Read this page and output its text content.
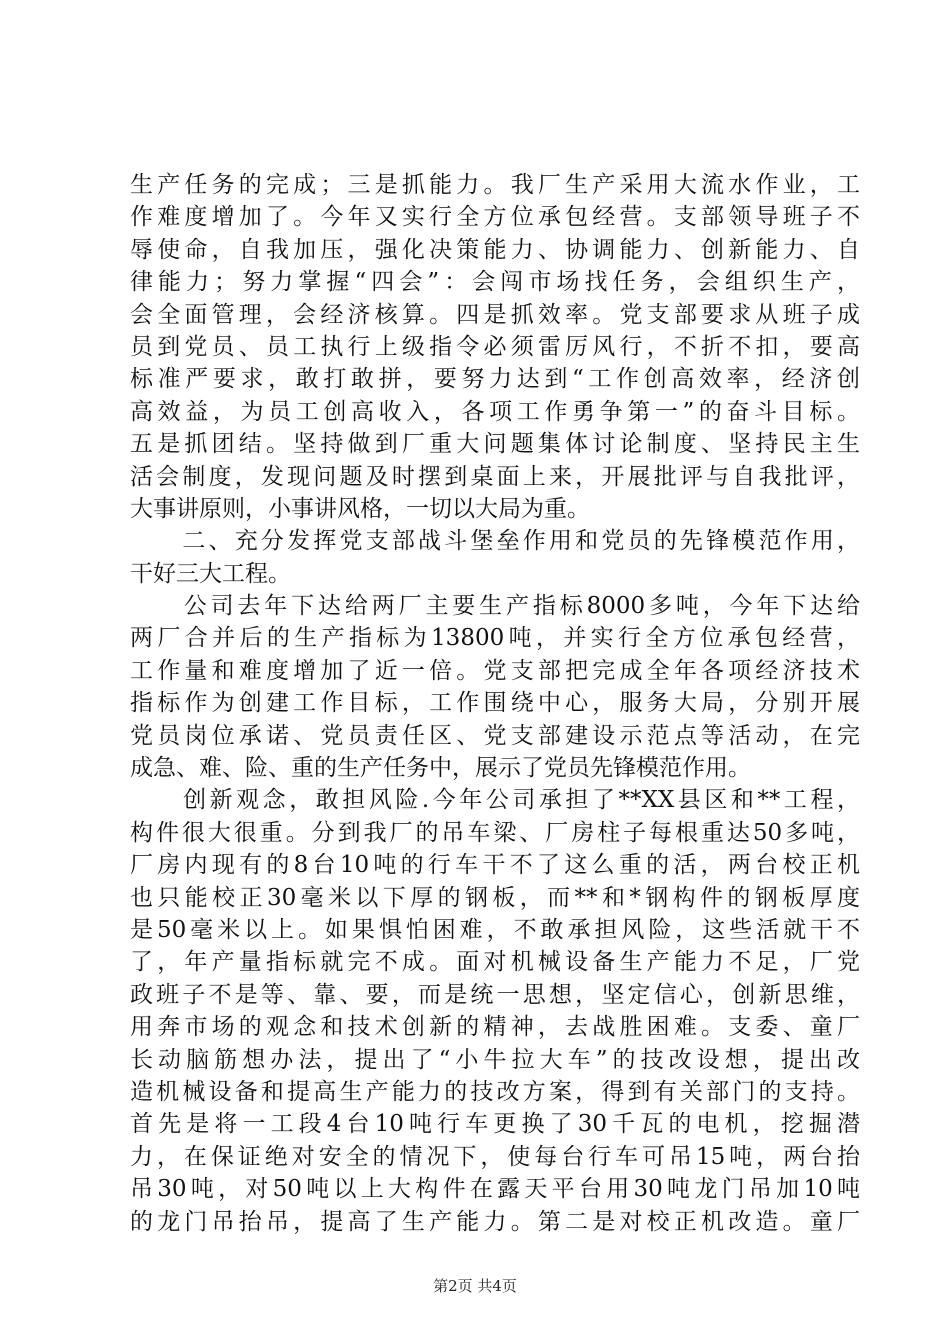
生产任务的完成；三是抓能力。我厂生产采用大流水作业，工
作难度增加了。今年又实行全方位承包经营。支部领导班子不
辱使命，自我加压，强化决策能力、协调能力、创新能力、自
律能力；努力掌握“四会”：会闯市场找任务，会组织生产，
会全面管理，会经济核算。四是抓效率。党支部要求从班子成
员到党员、员工执行上级指令必须雷厉风行，不折不扣，要高
标准严要求，敢打敢拼，要努力达到“工作创高效率，经济创
高效益，为员工创高收入，各项工作勇争第一”的奋斗目标。
五是抓团结。坚持做到厂重大问题集体讨论制度、坚持民主生
活会制度，发现问题及时摆到桌面上来，开展批评与自我批评，
大事讲原则，小事讲风格，一切以大局为重。
　　二、充分发挥党支部战斗堡垒作用和党员的先锋模范作用，
干好三大工程。
　　公司去年下达给两厂主要生产指标8000多吨，今年下达给
两厂合并后的生产指标为13800吨，并实行全方位承包经营，
工作量和难度增加了近一倍。党支部把完成全年各项经济技术
指标作为创建工作目标，工作围绕中心，服务大局，分别开展
党员岗位承诺、党员责任区、党支部建设示范点等活动，在完
成急、难、险、重的生产任务中，展示了党员先锋模范作用。
　　创新观念，敢担风险.今年公司承担了**XX县区和**工程，
构件很大很重。分到我厂的吊车梁、厂房柱子每根重达50多吨，
厂房内现有的8台10吨的行车干不了这么重的活，两台校正机
也只能校正30毫米以下厚的钢板，而**和*钢构件的钢板厚度
是50毫米以上。如果惧怕困难，不敢承担风险，这些活就干不
了，年产量指标就完不成。面对机械设备生产能力不足，厂党
政班子不是等、靠、要，而是统一思想，坚定信心，创新思维，
用奔市场的观念和技术创新的精神，去战胜困难。支委、童厂
长动脑筋想办法，提出了“小牛拉大车”的技改设想，提出改
造机械设备和提高生产能力的技改方案，得到有关部门的支持。
首先是将一工段4台10吨行车更换了30千瓦的电机，挖掘潜
力，在保证绝对安全的情况下，使每台行车可吊15吨，两台抬
吊30吨，对50吨以上大构件在露天平台用30吨龙门吊加10吨
的龙门吊抬吊，提高了生产能力。第二是对校正机改造。童厂
第2页 共4页
